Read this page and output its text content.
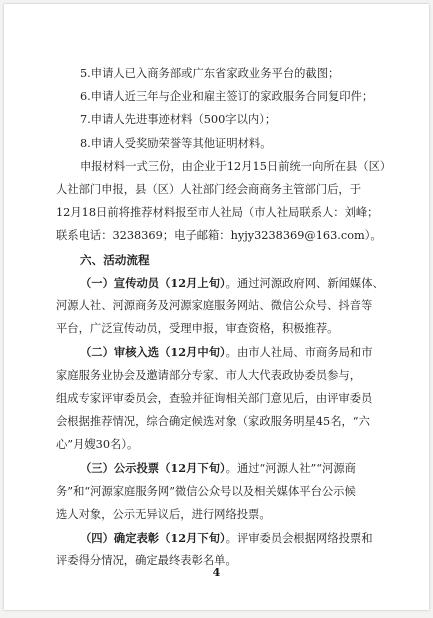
5.申请人已入商务部或广东省家政业务平台的截图；
6.申请人近三年与企业和雇主签订的家政服务合同复印件；
7.申请人先进事迹材料（500字以内）；
8.申请人受奖励荣誉等其他证明材料。
申报材料一式三份，由企业于12月15日前统一向所在县（区）
人社部门申报，县（区）人社部门经会商商务主管部门后，于
12月18日前将推荐材料报至市人社局（市人社局联系人：刘峰；
联系电话：3238369；电子邮箱：hyjy3238369@163.com）。
六、活动流程
（一）宣传动员（12月上旬）。通过河源政府网、新闻媒体、
河源人社、河源商务及河源家庭服务网站、微信公众号、抖音等
平台，广泛宣传动员，受理申报，审查资格，积极推荐。
（二）审核入选（12月中旬）。由市人社局、市商务局和市
家庭服务业协会及邀请部分专家、市人大代表政协委员参与，
组成专家评审委员会，查验并征询相关部门意见后，由评审委员
会根据推荐情况，综合确定候选对象（家政服务明星45名，“六
心”月嫂30名）。
（三）公示投票（12月下旬）。通过“河源人社”“河源商
务”和“河源家庭服务网”微信公众号以及相关媒体平台公示候
4
选人对象，公示无异议后，进行网络投票。
评委得分情况，确定最终表彰名单。
（四）确定表彰（12月下旬）。评审委员会根据网络投票和
